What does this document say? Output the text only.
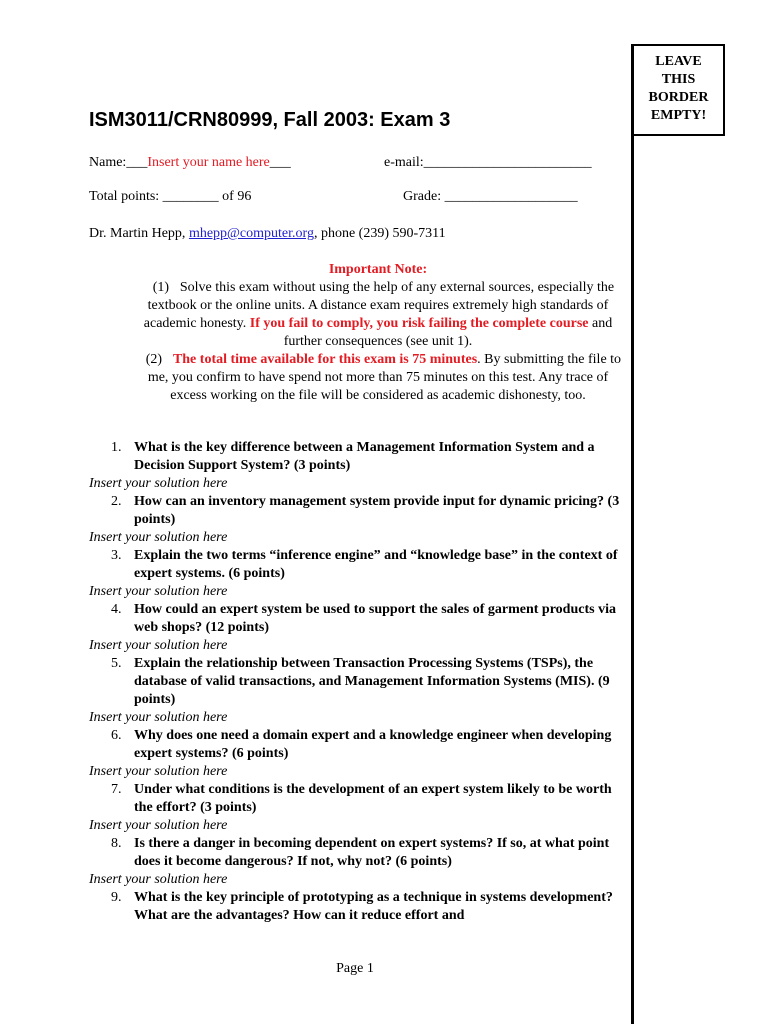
LEAVE
THIS
BORDER
EMPTY!
ISM3011/CRN80999, Fall 2003: Exam 3
Name:___Insert your name here___	e-mail:________________________
Total points: ________ of 96	Grade: ___________________
Dr. Martin Hepp, mhepp@computer.org, phone (239) 590-7311

Important Note:

(1) Solve this exam without using the help of any external sources, especially the textbook or the online units. A distance exam requires extremely high standards of academic honesty. If you fail to comply, you risk failing the complete course and further consequences (see unit 1).

(2) The total time available for this exam is 75 minutes. By submitting the file to me, you confirm to have spend not more than 75 minutes on this test. Any trace of excess working on the file will be considered as academic dishonesty, too.

1. What is the key difference between a Management Information System and a Decision Support System? (3 points)
Insert your solution here
2. How can an inventory management system provide input for dynamic pricing? (3 points)
Insert your solution here
3. Explain the two terms “inference engine” and “knowledge base” in the context of expert systems. (6 points)
Insert your solution here
4. How could an expert system be used to support the sales of garment products via web shops? (12 points)
Insert your solution here
5. Explain the relationship between Transaction Processing Systems (TSPs), the database of valid transactions, and Management Information Systems (MIS). (9 points)
Insert your solution here
6. Why does one need a domain expert and a knowledge engineer when developing expert systems? (6 points)
Insert your solution here
7. Under what conditions is the development of an expert system likely to be worth the effort? (3 points)
Insert your solution here
8. Is there a danger in becoming dependent on expert systems? If so, at what point does it become dangerous? If not, why not? (6 points)
Insert your solution here
9. What is the key principle of prototyping as a technique in systems development? What are the advantages? How can it reduce effort and
Page 1
